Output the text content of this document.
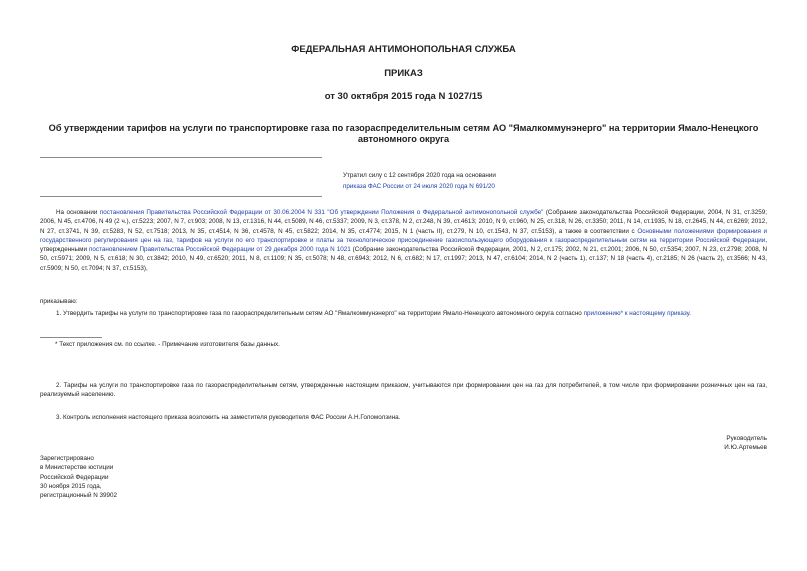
ФЕДЕРАЛЬНАЯ АНТИМОНОПОЛЬНАЯ СЛУЖБА
ПРИКАЗ
от 30 октября 2015 года N 1027/15
Об утверждении тарифов на услуги по транспортировке газа по газораспределительным сетям АО "Ямалкоммунэнерго" на территории Ямало-Ненецкого автономного округа
Утратил силу с 12 сентября 2020 года на основании
приказа ФАС России от 24 июля 2020 года N 691/20
На основании постановления Правительства Российской Федерации от 30.06.2004 N 331 "Об утверждении Положения о Федеральной антимонопольной службе" (Собрание законодательства Российской Федерации, 2004, N 31, ст.3259; 2006, N 45, ст.4706, N 49 (2 ч.), ст.5223; 2007, N 7, ст.903; 2008, N 13, ст.1316, N 44, ст.5089, N 46, ст.5337; 2009, N 3, ст.378, N 2, ст.248, N 39, ст.4613; 2010, N 9, ст.960, N 25, ст.318, N 26, ст.3350; 2011, N 14, ст.1935, N 18, ст.2645, N 44, ст.6269; 2012, N 27, ст.3741, N 39, ст.5283, N 52, ст.7518; 2013, N 35, ст.4514, N 36, ст.4578, N 45, ст.5822; 2014, N 35, ст.4774; 2015, N 1 (часть II), ст.279, N 10, ст.1543, N 37, ст.5153), а также в соответствии с Основными положениями формирования и государственного регулирования цен на газ, тарифов на услуги по его транспортировке и платы за технологическое присоединение газоиспользующего оборудования к газораспределительным сетям на территории Российской Федерации, утвержденными постановлением Правительства Российской Федерации от 29 декабря 2000 года N 1021 (Собрание законодательства Российской Федерации, 2001, N 2, ст.175; 2002, N 21, ст.2001; 2006, N 50, ст.5354; 2007, N 23, ст.2798; 2008, N 50, ст.5971; 2009, N 5, ст.618; N 30, ст.3842; 2010, N 49, ст.6520; 2011, N 8, ст.1109; N 35, ст.5078; N 48, ст.6943; 2012, N 6, ст.682; N 17, ст.1997; 2013, N 47, ст.6104; 2014, N 2 (часть 1), ст.137; N 18 (часть 4), ст.2185; N 26 (часть 2), ст.3566; N 43, ст.5909; N 50, ст.7094; N 37, ст.5153),
приказываю:
1. Утвердить тарифы на услуги по транспортировке газа по газораспределительным сетям АО "Ямалкоммунэнерго" на территории Ямало-Ненецкого автономного округа согласно приложению* к настоящему приказу.
* Текст приложения см. по ссылке. - Примечание изготовителя базы данных.
2. Тарифы на услуги по транспортировке газа по газораспределительным сетям, утвержденные настоящим приказом, учитываются при формировании цен на газ для потребителей, в том числе при формировании розничных цен на газ, реализуемый населению.
3. Контроль исполнения настоящего приказа возложить на заместителя руководителя ФАС России А.Н.Голомолзина.
Руководитель
И.Ю.Артемьев
Зарегистрировано
в Министерстве юстиции
Российской Федерации
30 ноября 2015 года,
регистрационный N 39902
